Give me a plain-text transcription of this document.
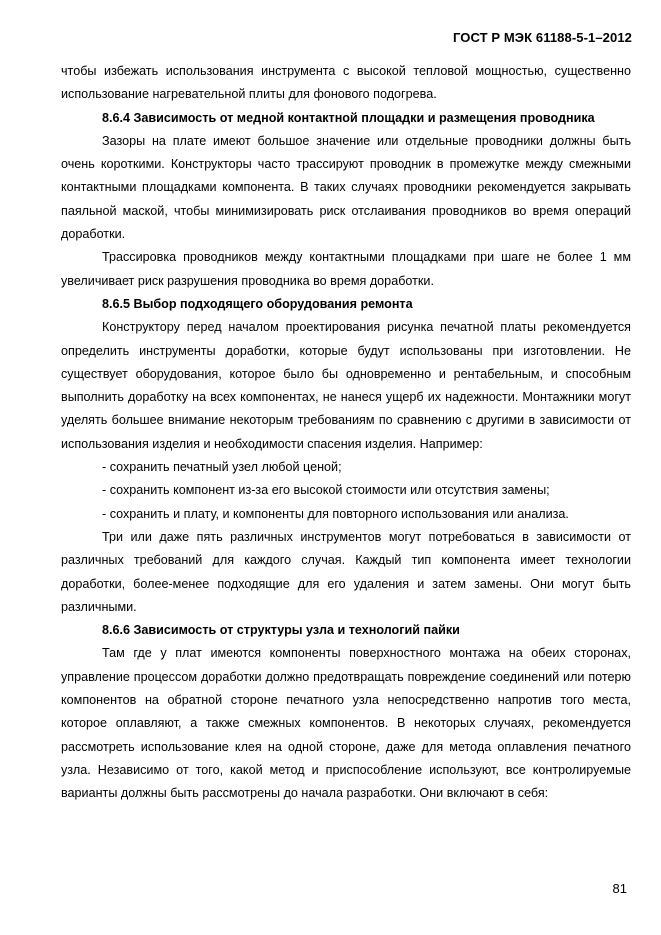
ГОСТ Р МЭК 61188-5-1–2012

чтобы избежать использования инструмента с высокой тепловой мощностью, существенно использование нагревательной плиты для фонового подогрева.

8.6.4 Зависимость от медной контактной площадки и размещения проводника

Зазоры на плате имеют большое значение или отдельные проводники должны быть очень короткими. Конструкторы часто трассируют проводник в промежутке между смежными контактными площадками компонента. В таких случаях проводники рекомендуется закрывать паяльной маской, чтобы минимизировать риск отслаивания проводников во время операций доработки.

Трассировка проводников между контактными площадками при шаге не более 1 мм увеличивает риск разрушения проводника во время доработки.

8.6.5 Выбор подходящего оборудования ремонта

Конструктору перед началом проектирования рисунка печатной платы рекомендуется определить инструменты доработки, которые будут использованы при изготовлении. Не существует оборудования, которое было бы одновременно и рентабельным, и способным выполнить доработку на всех компонентах, не нанеся ущерб их надежности. Монтажники могут уделять большее внимание некоторым требованиям по сравнению с другими в зависимости от использования изделия и необходимости спасения изделия. Например:

- сохранить печатный узел любой ценой;

- сохранить компонент из-за его высокой стоимости или отсутствия замены;

- сохранить и плату, и компоненты для повторного использования или анализа.

Три или даже пять различных инструментов могут потребоваться в зависимости от различных требований для каждого случая. Каждый тип компонента имеет технологии доработки, более-менее подходящие для его удаления и затем замены. Они могут быть различными.

8.6.6 Зависимость от структуры узла и технологий пайки

Там где у плат имеются компоненты поверхностного монтажа на обеих сторонах, управление процессом доработки должно предотвращать повреждение соединений или потерю компонентов на обратной стороне печатного узла непосредственно напротив того места, которое оплавляют, а также смежных компонентов. В некоторых случаях, рекомендуется рассмотреть использование клея на одной стороне, даже для метода оплавления печатного узла. Независимо от того, какой метод и приспособление используют, все контролируемые варианты должны быть рассмотрены до начала разработки. Они включают в себя:

81
